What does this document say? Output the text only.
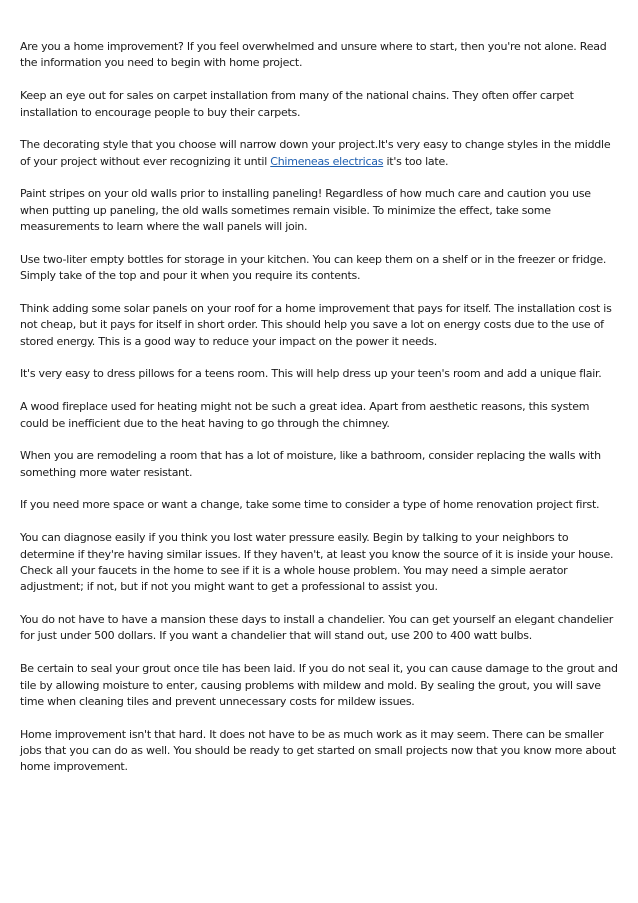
Are you a home improvement? If you feel overwhelmed and unsure where to start, then you're not alone. Read the information you need to begin with home project.

Keep an eye out for sales on carpet installation from many of the national chains. They often offer carpet installation to encourage people to buy their carpets.

The decorating style that you choose will narrow down your project.It's very easy to change styles in the middle of your project without ever recognizing it until Chimeneas electricas it's too late.

Paint stripes on your old walls prior to installing paneling! Regardless of how much care and caution you use when putting up paneling, the old walls sometimes remain visible. To minimize the effect, take some measurements to learn where the wall panels will join.

Use two-liter empty bottles for storage in your kitchen. You can keep them on a shelf or in the freezer or fridge. Simply take of the top and pour it when you require its contents.

Think adding some solar panels on your roof for a home improvement that pays for itself. The installation cost is not cheap, but it pays for itself in short order. This should help you save a lot on energy costs due to the use of stored energy. This is a good way to reduce your impact on the power it needs.

It's very easy to dress pillows for a teens room. This will help dress up your teen's room and add a unique flair.

A wood fireplace used for heating might not be such a great idea. Apart from aesthetic reasons, this system could be inefficient due to the heat having to go through the chimney.

When you are remodeling a room that has a lot of moisture, like a bathroom, consider replacing the walls with something more water resistant.

If you need more space or want a change, take some time to consider a type of home renovation project first.

You can diagnose easily if you think you lost water pressure easily. Begin by talking to your neighbors to determine if they're having similar issues. If they haven't, at least you know the source of it is inside your house. Check all your faucets in the home to see if it is a whole house problem. You may need a simple aerator adjustment; if not, but if not you might want to get a professional to assist you.

You do not have to have a mansion these days to install a chandelier. You can get yourself an elegant chandelier for just under 500 dollars. If you want a chandelier that will stand out, use 200 to 400 watt bulbs.

Be certain to seal your grout once tile has been laid. If you do not seal it, you can cause damage to the grout and tile by allowing moisture to enter, causing problems with mildew and mold. By sealing the grout, you will save time when cleaning tiles and prevent unnecessary costs for mildew issues.

Home improvement isn't that hard. It does not have to be as much work as it may seem. There can be smaller jobs that you can do as well. You should be ready to get started on small projects now that you know more about home improvement.
